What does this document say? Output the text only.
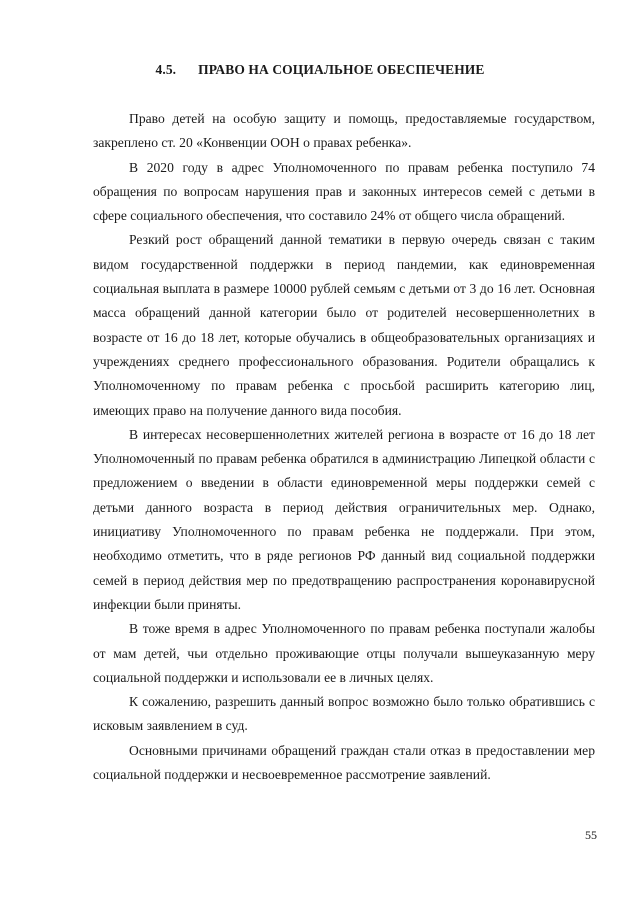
4.5. ПРАВО НА СОЦИАЛЬНОЕ ОБЕСПЕЧЕНИЕ

Право детей на особую защиту и помощь, предоставляемые государством, закреплено ст. 20 «Конвенции ООН о правах ребенка».

В 2020 году в адрес Уполномоченного по правам ребенка поступило 74 обращения по вопросам нарушения прав и законных интересов семей с детьми в сфере социального обеспечения, что составило 24% от общего числа обращений.

Резкий рост обращений данной тематики в первую очередь связан с таким видом государственной поддержки в период пандемии, как единовременная социальная выплата в размере 10000 рублей семьям с детьми от 3 до 16 лет. Основная масса обращений данной категории было от родителей несовершеннолетних в возрасте от 16 до 18 лет, которые обучались в общеобразовательных организациях и учреждениях среднего профессионального образования. Родители обращались к Уполномоченному по правам ребенка с просьбой расширить категорию лиц, имеющих право на получение данного вида пособия.

В интересах несовершеннолетних жителей региона в возрасте от 16 до 18 лет Уполномоченный по правам ребенка обратился в администрацию Липецкой области с предложением о введении в области единовременной меры поддержки семей с детьми данного возраста в период действия ограничительных мер. Однако, инициативу Уполномоченного по правам ребенка не поддержали. При этом, необходимо отметить, что в ряде регионов РФ данный вид социальной поддержки семей в период действия мер по предотвращению распространения коронавирусной инфекции были приняты.

В тоже время в адрес Уполномоченного по правам ребенка поступали жалобы от мам детей, чьи отдельно проживающие отцы получали вышеуказанную меру социальной поддержки и использовали ее в личных целях.

К сожалению, разрешить данный вопрос возможно было только обратившись с исковым заявлением в суд.

Основными причинами обращений граждан стали отказ в предоставлении мер социальной поддержки и несвоевременное рассмотрение заявлений.

55
